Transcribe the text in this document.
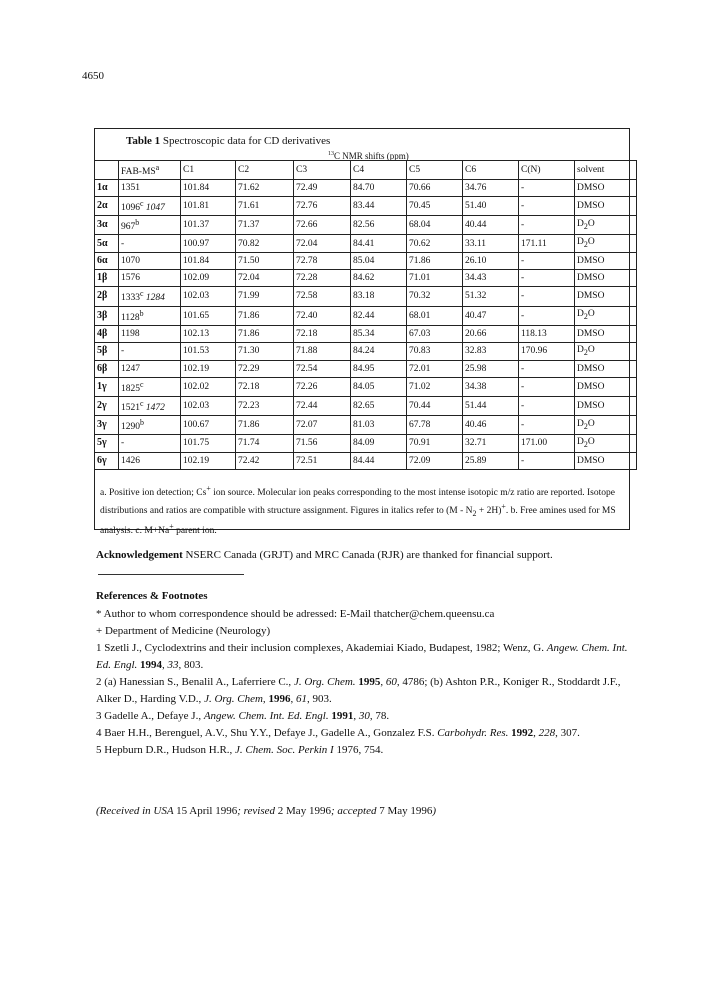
4650
Table 1 Spectroscopic data for CD derivatives
$^{13}$C NMR shifts (ppm)
	FAB-$MS^a$	C1	C2	C3	C4	C5	C6	C(N)	solvent
1α	1351	101.84	71.62	72.49	84.70	70.66	34.76	-	DMSO
2α	1096$^c$ 1047	101.81	71.61	72.76	83.44	70.45	51.40	-	DMSO
3α	967$^b$	101.37	71.37	72.66	82.56	68.04	40.44	-	$D_2O$
5α	-	100.97	70.82	72.04	84.41	70.62	33.11	171.11	$D_2O$
6α	1070	101.84	71.50	72.78	85.04	71.86	26.10	-	DMSO
1β	1576	102.09	72.04	72.28	84.62	71.01	34.43	-	DMSO
2β	1333$^c$ 1284	102.03	71.99	72.58	83.18	70.32	51.32	-	DMSO
3β	1128$^b$	101.65	71.86	72.40	82.44	68.01	40.47	-	$D_2O$
4β	1198	102.13	71.86	72.18	85.34	67.03	20.66	118.13	DMSO
5β	-	101.53	71.30	71.88	84.24	70.83	32.83	170.96	$D_2O$
6β	1247	102.19	72.29	72.54	84.95	72.01	25.98	-	DMSO
1γ	1825$^c$	102.02	72.18	72.26	84.05	71.02	34.38	-	DMSO
2γ	1521$^c$ 1472	102.03	72.23	72.44	82.65	70.44	51.44	-	DMSO
3γ	1290$^b$	100.67	71.86	72.07	81.03	67.78	40.46	-	$D_2O$
5γ	-	101.75	71.74	71.56	84.09	70.91	32.71	171.00	$D_2O$
6γ	1426	102.19	72.42	72.51	84.44	72.09	25.89	-	DMSO
a. Positive ion detection; Cs+ ion source. Molecular ion peaks corresponding to the most intense isotopic m/z ratio are reported. Isotope distributions and ratios are compatible with structure assignment. Figures in italics refer to $(M - N_2 + 2H)^+$. b. Free amines used for MS analysis. c. M+Na+ parent ion.
Acknowledgement NSERC Canada (GRJT) and MRC Canada (RJR) are thanked for financial support.
References & Footnotes

* Author to whom correspondence should be adressed: E-Mail thatcher@chem.queensu.ca

+ Department of Medicine (Neurology)

1 Szetli J., Cyclodextrins and their inclusion complexes, Akademiai Kiado, Budapest, 1982; Wenz, G. Angew. Chem. Int. Ed. Engl. 1994, 33, 803.

2 (a) Hanessian S., Benalil A., Laferriere C., J. Org. Chem. 1995, 60, 4786; (b) Ashton P.R., Koniger R., Stoddardt J.F., Alker D., Harding V.D., J. Org. Chem, 1996, 61, 903.

3 Gadelle A., Defaye J., Angew. Chem. Int. Ed. Engl. 1991, 30, 78.

4 Baer H.H., Berenguel, A.V., Shu Y.Y., Defaye J., Gadelle A., Gonzalez F.S. Carbohydr. Res. 1992, 228, 307.

5 Hepburn D.R., Hudson H.R., J. Chem. Soc. Perkin I 1976, 754.

(Received in USA 15 April 1996; revised 2 May 1996; accepted 7 May 1996)
